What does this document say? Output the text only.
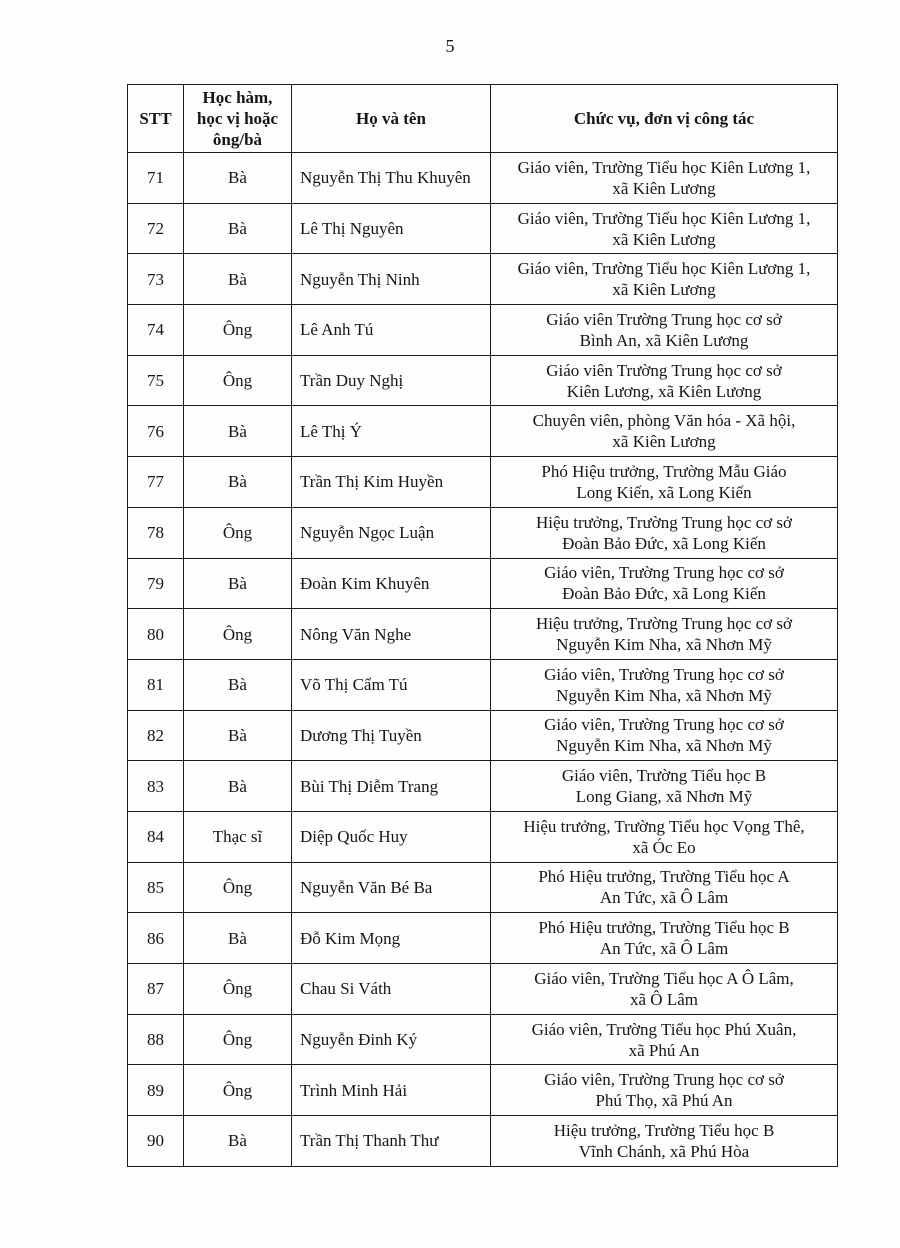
5
STT	Học hàm,
học vị hoặc
ông/bà	Họ và tên	Chức vụ, đơn vị công tác
71	Bà	Nguyễn Thị Thu Khuyên	Giáo viên, Trường Tiểu học Kiên Lương 1,
xã Kiên Lương

72	Bà	Lê Thị Nguyên	Giáo viên, Trường Tiểu học Kiên Lương 1,
xã Kiên Lương

73	Bà	Nguyễn Thị Ninh	Giáo viên, Trường Tiểu học Kiên Lương 1,
xã Kiên Lương

74	Ông	Lê Anh Tú	Giáo viên Trường Trung học cơ sở
Bình An, xã Kiên Lương

75	Ông	Trần Duy Nghị	Giáo viên Trường Trung học cơ sở
Kiên Lương, xã Kiên Lương

76	Bà	Lê Thị Ý	Chuyên viên, phòng Văn hóa - Xã hội,
xã Kiên Lương

77	Bà	Trần Thị Kim Huyền	Phó Hiệu trưởng, Trường Mẫu Giáo
Long Kiến, xã Long Kiến

78	Ông	Nguyễn Ngọc Luận	Hiệu trưởng, Trường Trung học cơ sở
Đoàn Bảo Đức, xã Long Kiến

79	Bà	Đoàn Kim Khuyên	Giáo viên, Trường Trung học cơ sở
Đoàn Bảo Đức, xã Long Kiến

80	Ông	Nông Văn Nghe	Hiệu trưởng, Trường Trung học cơ sở
Nguyễn Kim Nha, xã Nhơn Mỹ

81	Bà	Võ Thị Cẩm Tú	Giáo viên, Trường Trung học cơ sở
Nguyễn Kim Nha, xã Nhơn Mỹ

82	Bà	Dương Thị Tuyền	Giáo viên, Trường Trung học cơ sở
Nguyễn Kim Nha, xã Nhơn Mỹ

83	Bà	Bùi Thị Diễm Trang	Giáo viên, Trường Tiểu học B
Long Giang, xã Nhơn Mỹ

84	Thạc sĩ	Diệp Quốc Huy	Hiệu trưởng, Trường Tiểu học Vọng Thê,
xã Óc Eo

85	Ông	Nguyễn Văn Bé Ba	Phó Hiệu trưởng, Trường Tiểu học A
An Tức, xã Ô Lâm

86	Bà	Đỗ Kim Mọng	Phó Hiệu trưởng, Trường Tiểu học B
An Tức, xã Ô Lâm

87	Ông	Chau Si Váth	Giáo viên, Trường Tiểu học A Ô Lâm,
xã Ô Lâm

88	Ông	Nguyễn Đinh Ký	Giáo viên, Trường Tiểu học Phú Xuân,
xã Phú An

89	Ông	Trình Minh Hải	Giáo viên, Trường Trung học cơ sở
Phú Thọ, xã Phú An

90	Bà	Trần Thị Thanh Thư	Hiệu trưởng, Trường Tiểu học B
Vĩnh Chánh, xã Phú Hòa
